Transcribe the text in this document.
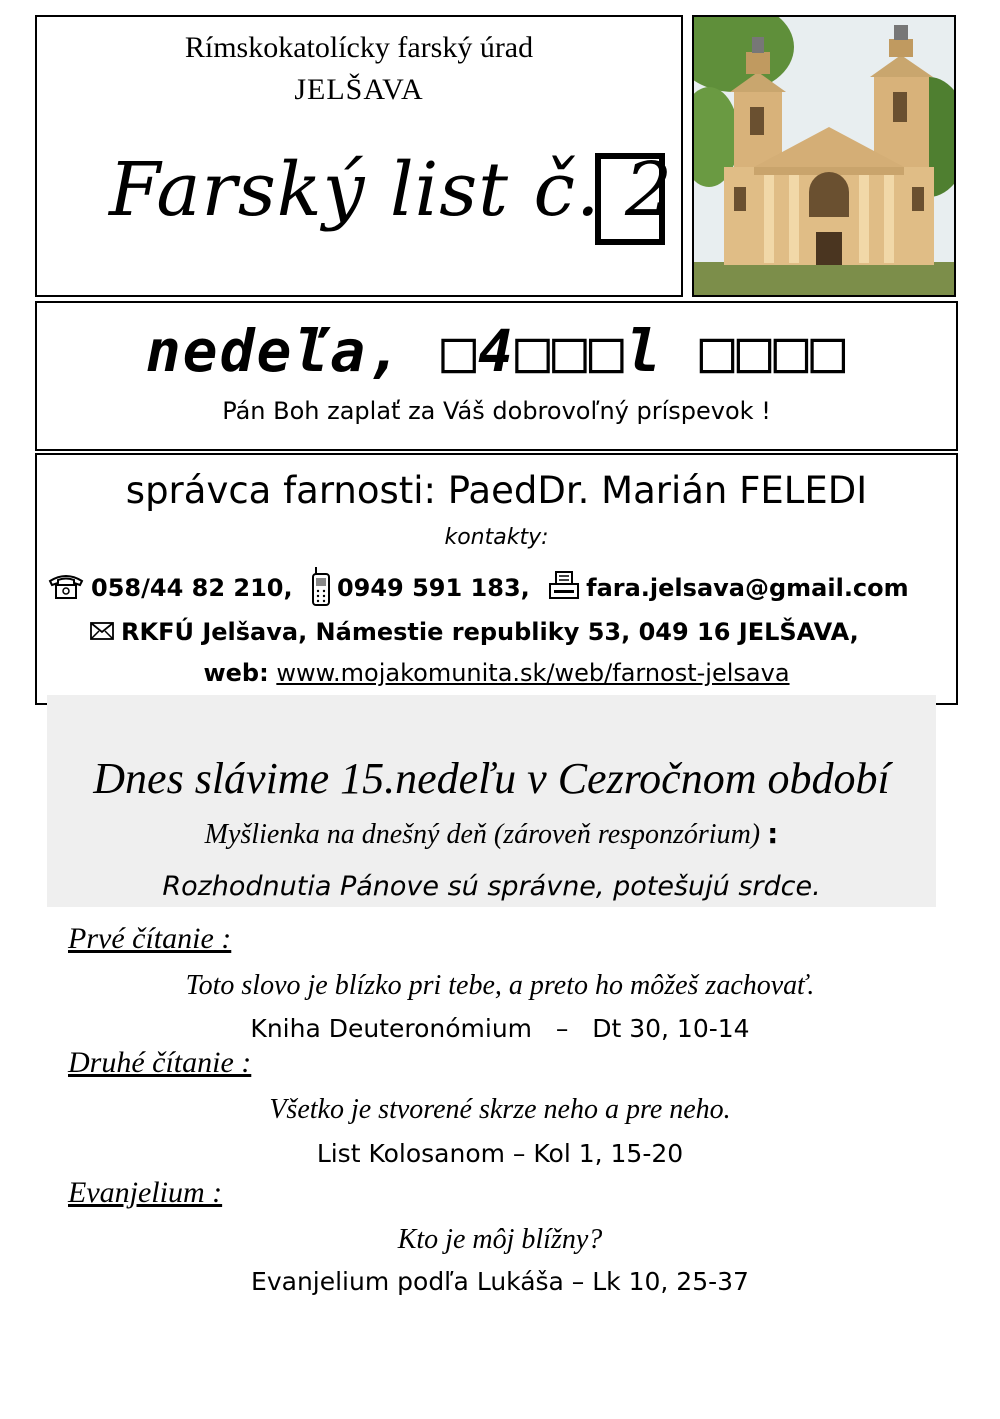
Rímskokatolícky farský úrad
JELŠAVA
Farský list č. 2
nedeľa, □4□□□l □□□□
Pán Boh zaplať za Váš dobrovoľný príspevok !
správca farnosti: PaedDr. Marián FELEDI
kontakty:
058/44 82 210, 0949 591 183, fara.jelsava@gmail.com
RKFÚ Jelšava, Námestie republiky 53, 049 16 JELŠAVA,
web: www.mojakomunita.sk/web/farnost-jelsava
Dnes slávime 15.nedeľu v Cezročnom období
Myšlienka na dnešný deň (zároveň responzórium) :
Rozhodnutia Pánove sú správne, potešujú srdce.
Prvé čítanie :
Toto slovo je blízko pri tebe, a preto ho môžeš zachovať.
Kniha Deuteronómium   –   Dt 30, 10-14
Druhé čítanie :
Všetko je stvorené skrze neho a pre neho.
List Kolosanom – Kol 1, 15-20
Evanjelium :
Kto je môj blížny?
Evanjelium podľa Lukáša – Lk 10, 25-37
